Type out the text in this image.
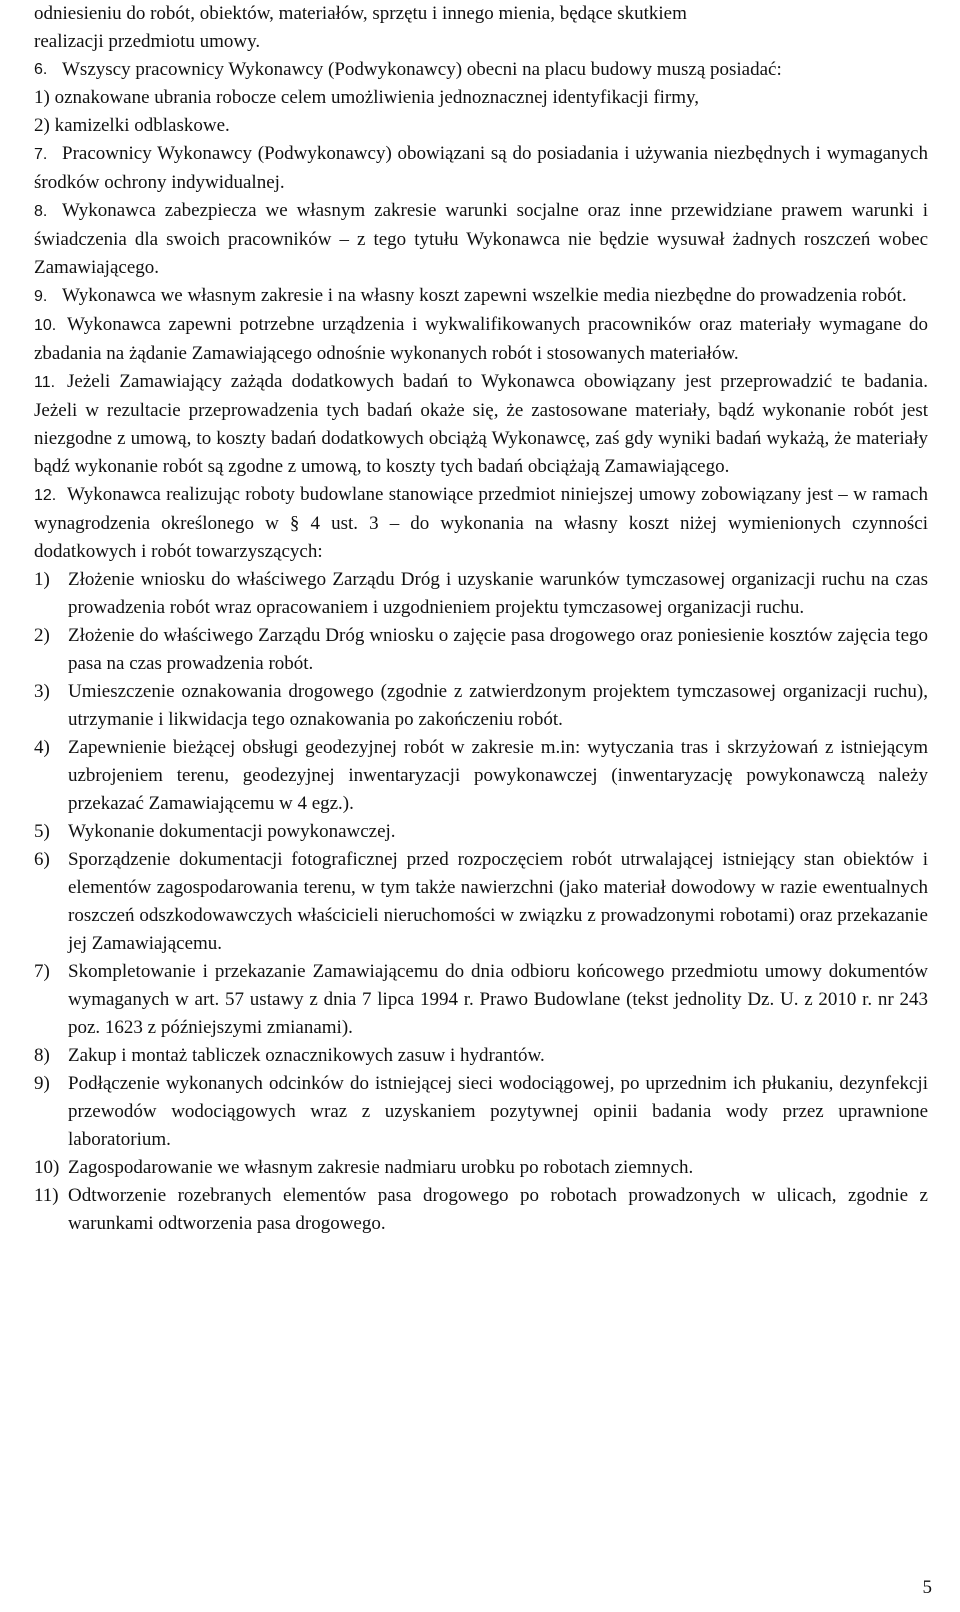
odniesieniu do robót, obiektów, materiałów, sprzętu i innego mienia, będące skutkiem
realizacji przedmiotu umowy.

6. Wszyscy pracownicy Wykonawcy (Podwykonawcy) obecni na placu budowy muszą posiadać:
1) oznakowane ubrania robocze celem umożliwienia jednoznacznej identyfikacji firmy,
2) kamizelki odblaskowe.
7. Pracownicy Wykonawcy (Podwykonawcy) obowiązani są do posiadania i używania niezbędnych i wymaganych środków ochrony indywidualnej.
8. Wykonawca zabezpiecza we własnym zakresie warunki socjalne oraz inne przewidziane prawem warunki i świadczenia dla swoich pracowników – z tego tytułu Wykonawca nie będzie wysuwał żadnych roszczeń wobec Zamawiającego.
9. Wykonawca we własnym zakresie i na własny koszt zapewni wszelkie media niezbędne do prowadzenia robót.
10. Wykonawca zapewni potrzebne urządzenia i wykwalifikowanych pracowników oraz materiały wymagane do zbadania na żądanie Zamawiającego odnośnie wykonanych robót i stosowanych materiałów.
11. Jeżeli Zamawiający zażąda dodatkowych badań to Wykonawca obowiązany jest przeprowadzić te badania. Jeżeli w rezultacie przeprowadzenia tych badań okaże się, że zastosowane materiały, bądź wykonanie robót jest niezgodne z umową, to koszty badań dodatkowych obciążą Wykonawcę, zaś gdy wyniki badań wykażą, że materiały bądź wykonanie robót są zgodne z umową, to koszty tych badań obciążają Zamawiającego.
12. Wykonawca realizując roboty budowlane stanowiące przedmiot niniejszej umowy zobowiązany jest – w ramach wynagrodzenia określonego w § 4 ust. 3 – do wykonania na własny koszt niżej wymienionych czynności dodatkowych i robót towarzyszących:
1) Złożenie wniosku do właściwego Zarządu Dróg i uzyskanie warunków tymczasowej organizacji ruchu na czas prowadzenia robót wraz opracowaniem i uzgodnieniem projektu tymczasowej organizacji ruchu.
2) Złożenie do właściwego Zarządu Dróg wniosku o zajęcie pasa drogowego oraz poniesienie kosztów zajęcia tego pasa na czas prowadzenia robót.
3) Umieszczenie oznakowania drogowego (zgodnie z zatwierdzonym projektem tymczasowej organizacji ruchu), utrzymanie i likwidacja tego oznakowania po zakończeniu robót.
4) Zapewnienie bieżącej obsługi geodezyjnej robót w zakresie m.in: wytyczania tras i skrzyżowań z istniejącym uzbrojeniem terenu, geodezyjnej inwentaryzacji powykonawczej (inwentaryzację powykonawczą należy przekazać Zamawiającemu w 4 egz.).
5) Wykonanie dokumentacji powykonawczej.
6) Sporządzenie dokumentacji fotograficznej przed rozpoczęciem robót utrwalającej istniejący stan obiektów i elementów zagospodarowania terenu, w tym także nawierzchni (jako materiał dowodowy w razie ewentualnych roszczeń odszkodowawczych właścicieli nieruchomości w związku z prowadzonymi robotami) oraz przekazanie jej Zamawiającemu.
7) Skompletowanie i przekazanie Zamawiającemu do dnia odbioru końcowego przedmiotu umowy dokumentów wymaganych w art. 57 ustawy z dnia 7 lipca 1994 r. Prawo Budowlane (tekst jednolity Dz. U. z 2010 r. nr 243 poz. 1623 z późniejszymi zmianami).
8) Zakup i montaż tabliczek oznacznikowych zasuw i hydrantów.
9) Podłączenie wykonanych odcinków do istniejącej sieci wodociągowej, po uprzednim ich płukaniu, dezynfekcji przewodów wodociągowych wraz z uzyskaniem pozytywnej opinii badania wody przez uprawnione laboratorium.
10) Zagospodarowanie we własnym zakresie nadmiaru urobku po robotach ziemnych.
11) Odtworzenie rozebranych elementów pasa drogowego po robotach prowadzonych w ulicach, zgodnie z warunkami odtworzenia pasa drogowego.
5
